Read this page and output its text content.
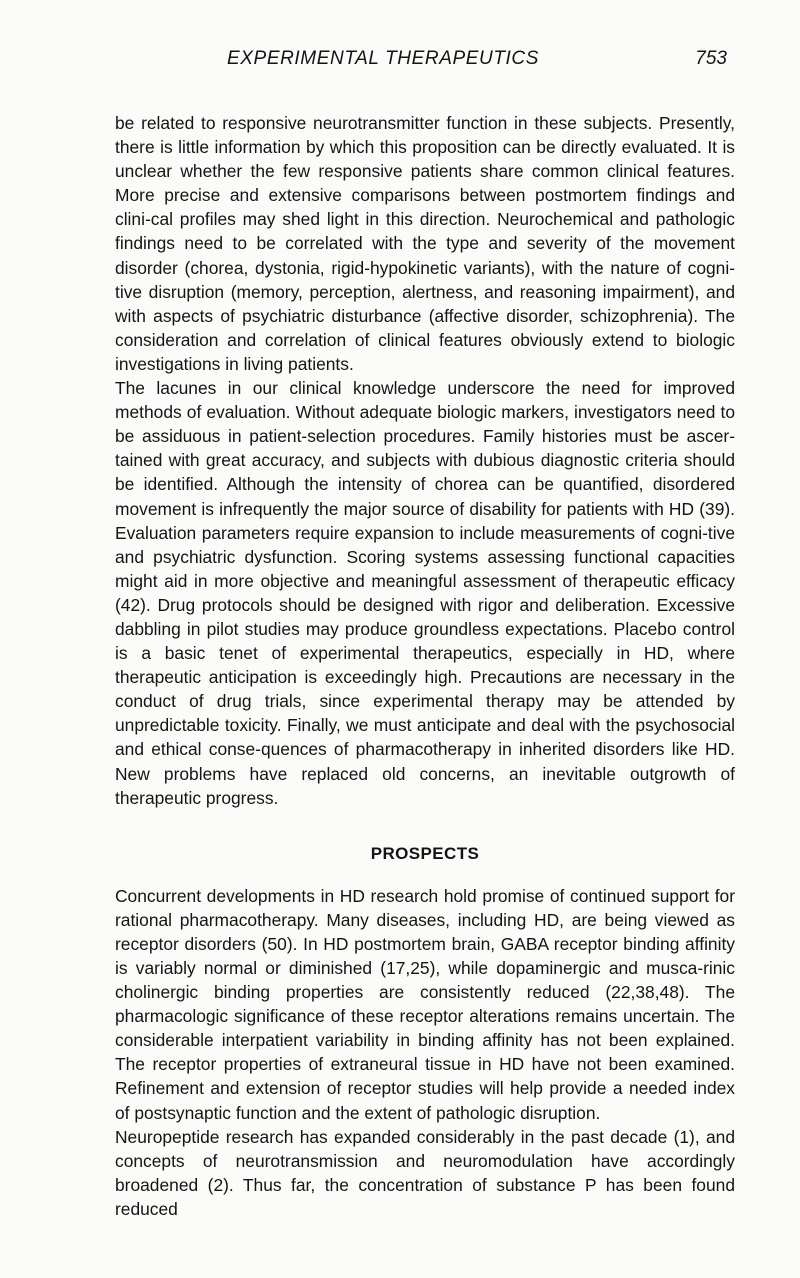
EXPERIMENTAL THERAPEUTICS	753

be related to responsive neurotransmitter function in these subjects. Presently, there is little information by which this proposition can be directly evaluated. It is unclear whether the few responsive patients share common clinical features. More precise and extensive comparisons between postmortem findings and clini-cal profiles may shed light in this direction. Neurochemical and pathologic findings need to be correlated with the type and severity of the movement disorder (chorea, dystonia, rigid-hypokinetic variants), with the nature of cogni-tive disruption (memory, perception, alertness, and reasoning impairment), and with aspects of psychiatric disturbance (affective disorder, schizophrenia). The consideration and correlation of clinical features obviously extend to biologic investigations in living patients.

The lacunes in our clinical knowledge underscore the need for improved methods of evaluation. Without adequate biologic markers, investigators need to be assiduous in patient-selection procedures. Family histories must be ascer-tained with great accuracy, and subjects with dubious diagnostic criteria should be identified. Although the intensity of chorea can be quantified, disordered movement is infrequently the major source of disability for patients with HD (39). Evaluation parameters require expansion to include measurements of cogni-tive and psychiatric dysfunction. Scoring systems assessing functional capacities might aid in more objective and meaningful assessment of therapeutic efficacy (42). Drug protocols should be designed with rigor and deliberation. Excessive dabbling in pilot studies may produce groundless expectations. Placebo control is a basic tenet of experimental therapeutics, especially in HD, where therapeutic anticipation is exceedingly high. Precautions are necessary in the conduct of drug trials, since experimental therapy may be attended by unpredictable toxicity. Finally, we must anticipate and deal with the psychosocial and ethical conse-quences of pharmacotherapy in inherited disorders like HD. New problems have replaced old concerns, an inevitable outgrowth of therapeutic progress.

PROSPECTS

Concurrent developments in HD research hold promise of continued support for rational pharmacotherapy. Many diseases, including HD, are being viewed as receptor disorders (50). In HD postmortem brain, GABA receptor binding affinity is variably normal or diminished (17,25), while dopaminergic and musca-rinic cholinergic binding properties are consistently reduced (22,38,48). The pharmacologic significance of these receptor alterations remains uncertain. The considerable interpatient variability in binding affinity has not been explained. The receptor properties of extraneural tissue in HD have not been examined. Refinement and extension of receptor studies will help provide a needed index of postsynaptic function and the extent of pathologic disruption.

Neuropeptide research has expanded considerably in the past decade (1), and concepts of neurotransmission and neuromodulation have accordingly broadened (2). Thus far, the concentration of substance P has been found reduced
